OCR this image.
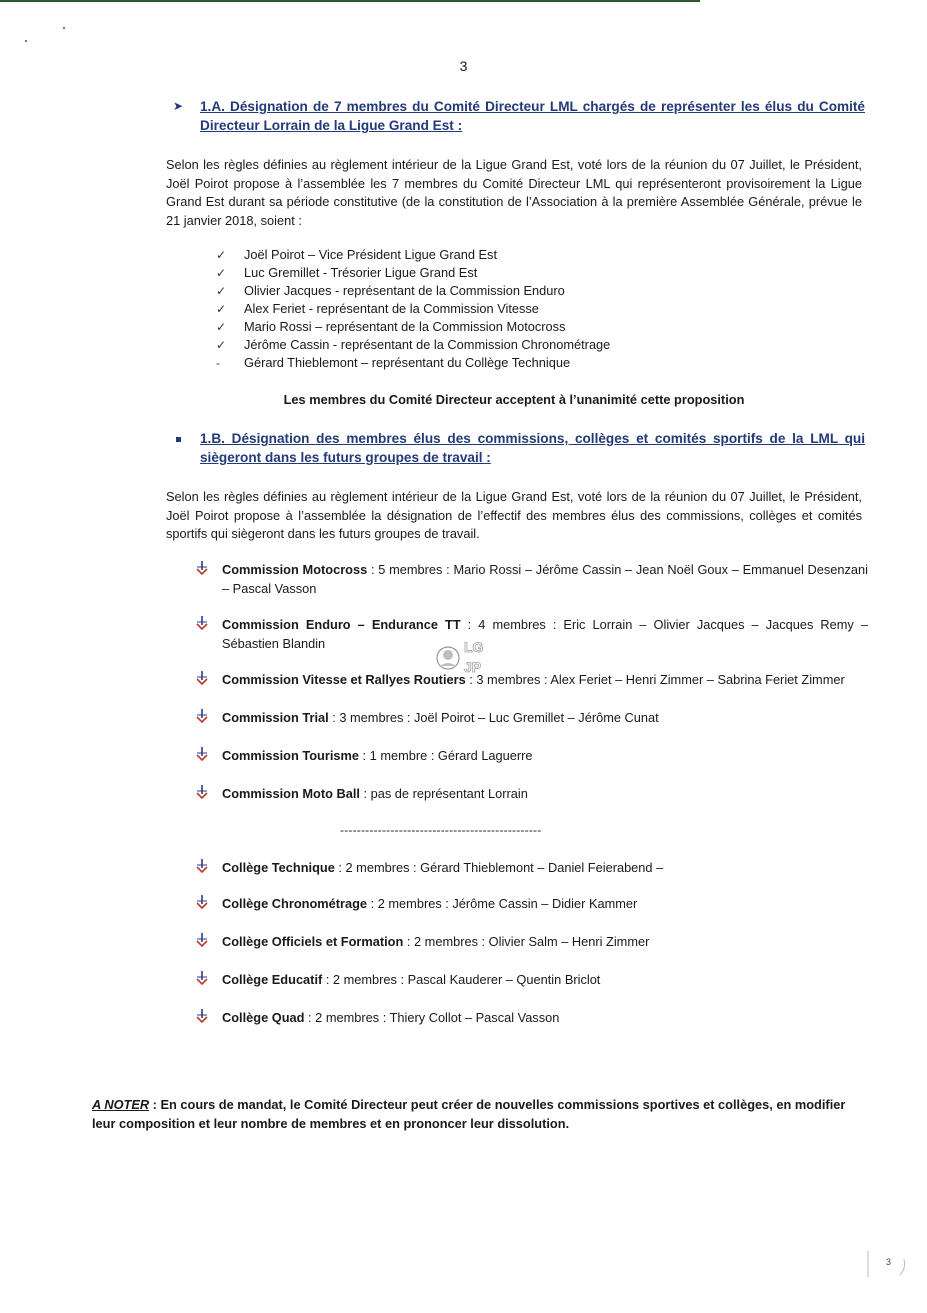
3
➤ 1.A. Désignation de 7 membres du Comité Directeur LML chargés de représenter les élus du Comité Directeur Lorrain de la Ligue Grand Est :
Selon les règles définies au règlement intérieur de la Ligue Grand Est, voté lors de la réunion du 07 Juillet, le Président, Joël Poirot propose à l’assemblée les 7 membres du Comité Directeur LML qui représenteront provisoirement la Ligue Grand Est durant sa période constitutive (de la constitution de l’Association à la première Assemblée Générale, prévue le 21 janvier 2018, soient :
✓ Joël Poirot – Vice Président Ligue Grand Est
✓ Luc Gremillet - Trésorier Ligue Grand Est
✓ Olivier Jacques - représentant de la Commission Enduro
✓ Alex Feriet - représentant de la Commission Vitesse
✓ Mario Rossi – représentant de la Commission Motocross
✓ Jérôme Cassin - représentant de la Commission Chronométrage
- Gérard Thieblemont – représentant du Collège Technique
Les membres du Comité Directeur acceptent à l’unanimité cette proposition
1.B. Désignation des membres élus des commissions, collèges et comités sportifs de la LML qui siègeront dans les futurs groupes de travail :
Selon les règles définies au règlement intérieur de la Ligue Grand Est, voté lors de la réunion du 07 Juillet, le Président, Joël Poirot propose à l’assemblée la désignation de l’effectif des membres élus des commissions, collèges et comités sportifs qui siègeront dans les futurs groupes de travail.
Commission Motocross : 5 membres : Mario Rossi – Jérôme Cassin – Jean Noël Goux – Emmanuel Desenzani – Pascal Vasson
Commission Enduro – Endurance TT : 4 membres : Eric Lorrain – Olivier Jacques – Jacques Remy – Sébastien Blandin
Commission Vitesse et Rallyes Routiers : 3 membres : Alex Feriet – Henri Zimmer – Sabrina Feriet Zimmer
Commission Trial : 3 membres : Joël Poirot – Luc Gremillet – Jérôme Cunat
Commission Tourisme : 1 membre : Gérard Laguerre
Commission Moto Ball : pas de représentant Lorrain
------------------------------------------------
Collège Technique : 2 membres : Gérard Thieblemont – Daniel Feierabend –
Collège Chronométrage : 2 membres : Jérôme Cassin – Didier Kammer
Collège Officiels et Formation : 2 membres : Olivier Salm – Henri Zimmer
Collège Educatif : 2 membres : Pascal Kauderer – Quentin Briclot
Collège Quad : 2 membres : Thiery Collot – Pascal Vasson
A NOTER : En cours de mandat, le Comité Directeur peut créer de nouvelles commissions sportives et collèges, en modifier leur composition et leur nombre de membres et en prononcer leur dissolution.
LG
JP
3
